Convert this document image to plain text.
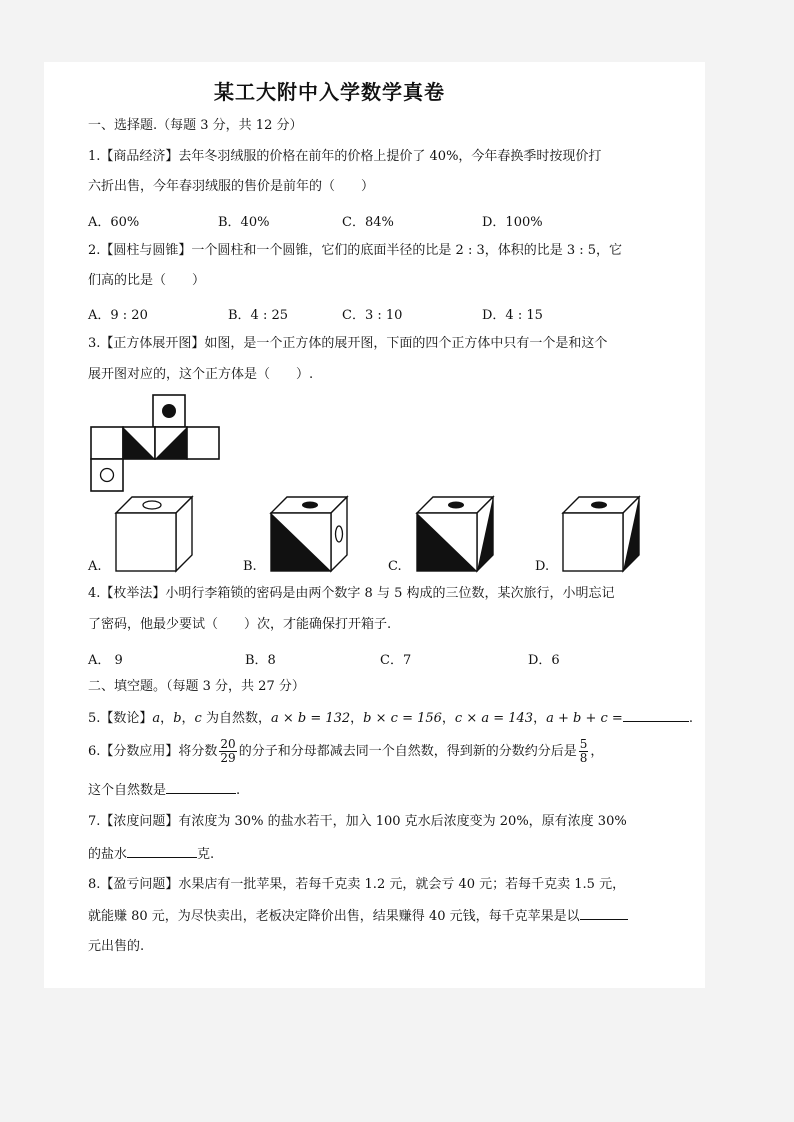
某工大附中入学数学真卷
一、选择题.（每题 3 分，共 12 分）
1.【商品经济】去年冬羽绒服的价格在前年的价格上提价了 40%，今年春换季时按现价打
六折出售，今年春羽绒服的售价是前年的（　　）
A．60%	B．40%	C．84%	D．100%
2.【圆柱与圆锥】一个圆柱和一个圆锥，它们的底面半径的比是 2 : 3，体积的比是 3 : 5，它
们高的比是（　　）
A．9 : 20	B．4 : 25	C．3 : 10	D．4 : 15
3.【正方体展开图】如图，是一个正方体的展开图，下面的四个正方体中只有一个是和这个
展开图对应的，这个正方体是（　　）.
A.	B.	C.	D.
4.【枚举法】小明行李箱锁的密码是由两个数字 8 与 5 构成的三位数，某次旅行，小明忘记
了密码，他最少要试（　　）次，才能确保打开箱子.
A． 9	B．8	C．7	D．6
二、填空题。（每题 3 分，共 27 分）
5.【数论】a，b，c 为自然数，a × b = 132，b × c = 156，c × a = 143，a + b + c =	.
6.【分数应用】将分数 $\frac{20}{29}$ 的分子和分母都减去同一个自然数，得到新的分数约分后是 $\frac{5}{8}$ ，
这个自然数是	.
7.【浓度问题】有浓度为 30% 的盐水若干，加入 100 克水后浓度变为 20%，原有浓度 30%
的盐水	克.
8.【盈亏问题】水果店有一批苹果，若每千克卖 1.2 元，就会亏 40 元；若每千克卖 1.5 元，
就能赚 80 元，为尽快卖出，老板决定降价出售，结果赚得 40 元钱，每千克苹果是以
元出售的.
